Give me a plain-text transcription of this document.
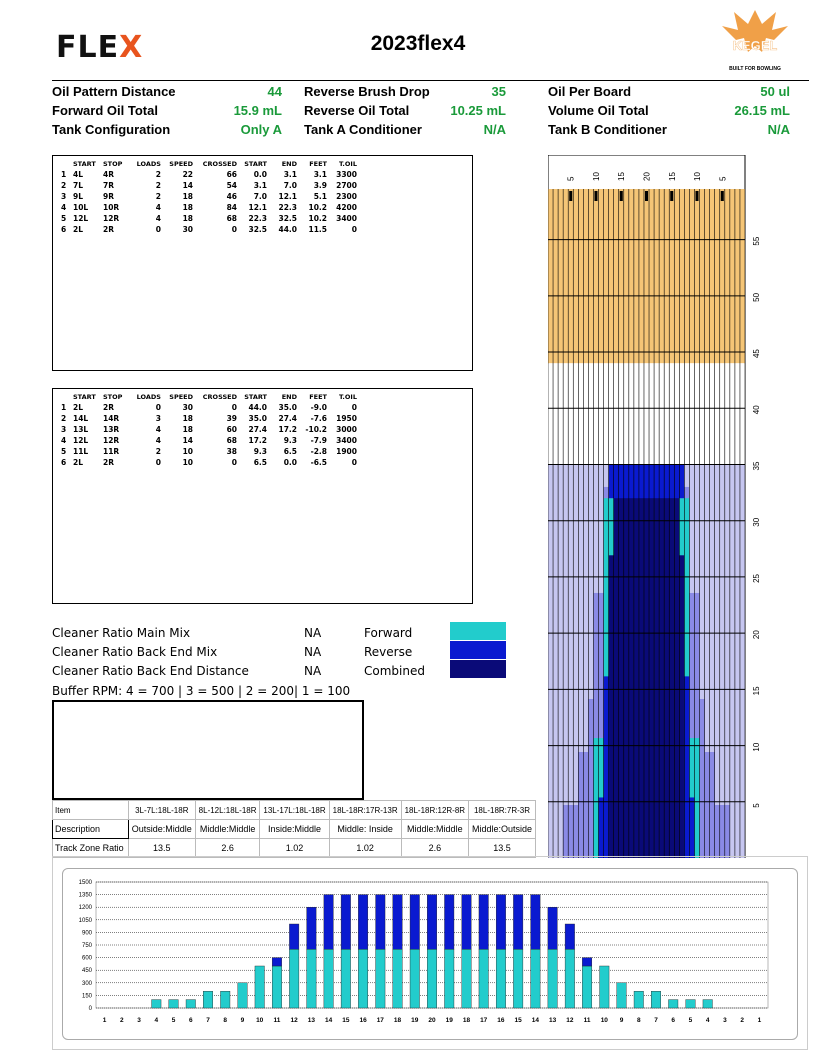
FLEX	2023flex4	KEGEL
BUILT FOR BOWLING
Oil Pattern Distance	44
Forward Oil Total	15.9 mL
Tank Configuration	Only A
Reverse Brush Drop	35
Reverse Oil Total	10.25 mL
Tank A Conditioner	N/A
Oil Per Board	50 ul
Volume Oil Total	26.15 mL
Tank B Conditioner	N/A
	START	STOP	LOADS	SPEED	CROSSED	START	END	FEET	T.OIL
1	4L	4R	2	22	66	0.0	3.1	3.1	3300
2	7L	7R	2	14	54	3.1	7.0	3.9	2700
3	9L	9R	2	18	46	7.0	12.1	5.1	2300
4	10L	10R	4	18	84	12.1	22.3	10.2	4200
5	12L	12R	4	18	68	22.3	32.5	10.2	3400
6	2L	2R	0	30	0	32.5	44.0	11.5	0
	START	STOP	LOADS	SPEED	CROSSED	START	END	FEET	T.OIL
1	2L	2R	0	30	0	44.0	35.0	-9.0	0
2	14L	14R	3	18	39	35.0	27.4	-7.6	1950
3	13L	13R	4	18	60	27.4	17.2	-10.2	3000
4	12L	12R	4	14	68	17.2	9.3	-7.9	3400
5	11L	11R	2	10	38	9.3	6.5	-2.8	1900
6	2L	2R	0	10	0	6.5	0.0	-6.5	0
Cleaner Ratio Main Mix	NA	Forward
Cleaner Ratio Back End Mix	NA	Reverse
Cleaner Ratio Back End Distance	NA	Combined
Buffer RPM: 4 = 700 | 3 = 500 | 2 = 200| 1 = 100
Item	3L-7L:18L-18R	8L-12L:18L-18R	13L-17L:18L-18R	18L-18R:17R-13R	18L-18R:12R-8R	18L-18R:7R-3R
Description	Outside:Middle	Middle:Middle	Inside:Middle	Middle: Inside	Middle:Middle	Middle:Outside
Track Zone Ratio	13.5	2.6	1.02	1.02	2.6	13.5
5 10 15 20 15 10 5
55
50
45
40
35
30
25
20
15
10
5
0
150
300
450
600
750
900
1050
1200
1350
1500
1 2 3 4 5 6 7 8 9 10 11 12 13 14 15 16 17 18 19 20 19 18 17 16 15 14 13 12 11 10 9 8 7 6 5 4 3 2 1
